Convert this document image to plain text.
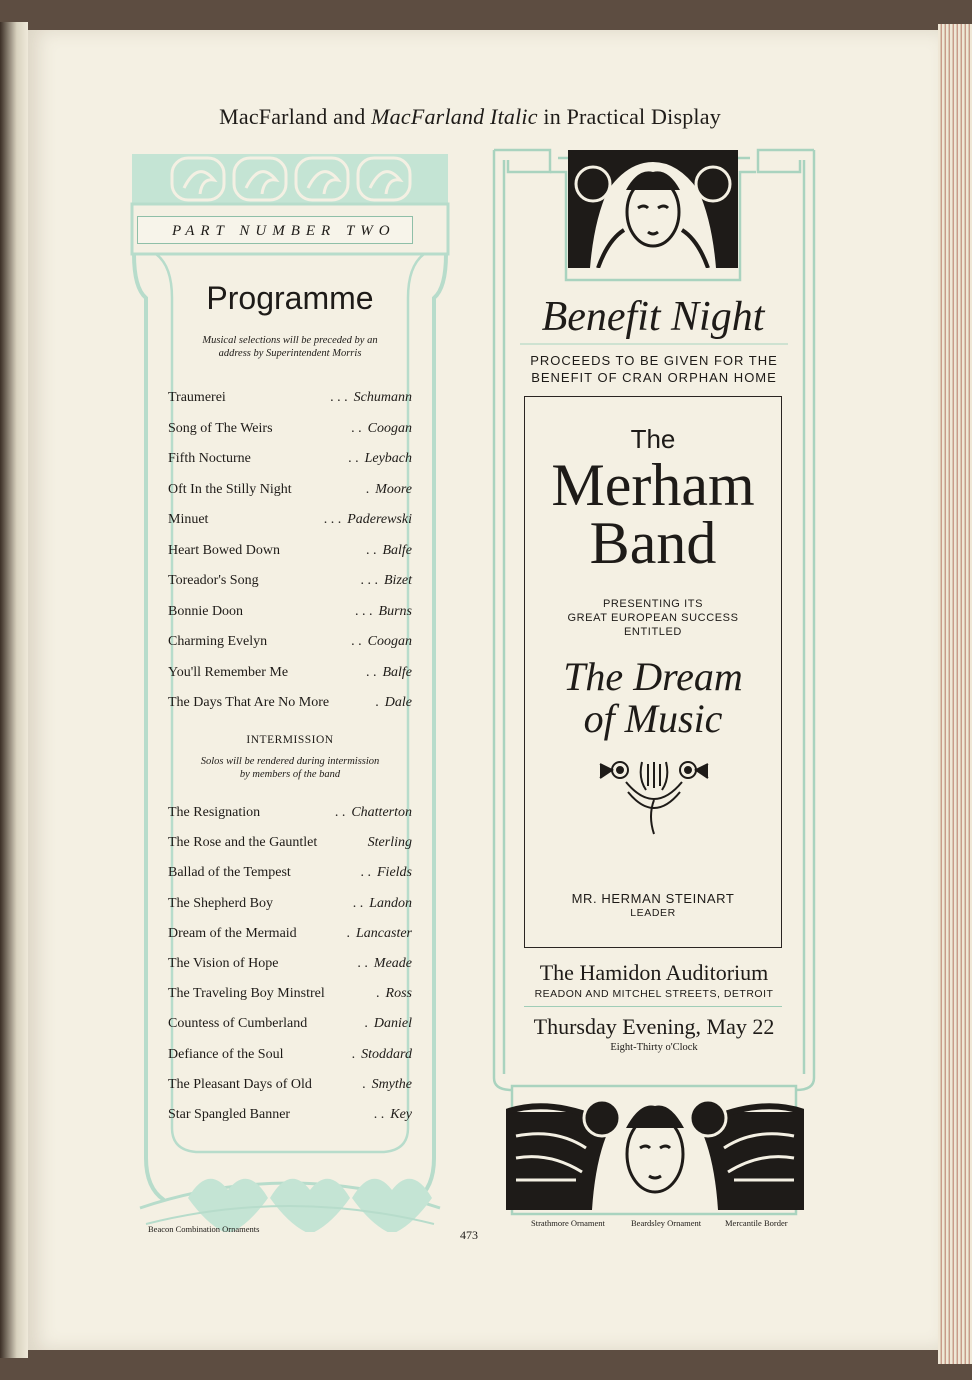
MacFarland and MacFarland Italic in Practical Display
PART NUMBER TWO
Programme
Musical selections will be preceded by an
address by Superintendent Morris
Traumerei	. . . Schumann
Song of The Weirs	. . Coogan
Fifth Nocturne	. . Leybach
Oft In the Stilly Night	. Moore
Minuet	. . . Paderewski
Heart Bowed Down	. . Balfe
Toreador's Song	. . . Bizet
Bonnie Doon	. . . Burns
Charming Evelyn	. . Coogan
You'll Remember Me	. . Balfe
The Days That Are No More	. Dale
INTERMISSION
Solos will be rendered during intermission
by members of the band
The Resignation	. . Chatterton
The Rose and the Gauntlet	Sterling
Ballad of the Tempest	. . Fields
The Shepherd Boy	. . Landon
Dream of the Mermaid	. Lancaster
The Vision of Hope	. . Meade
The Traveling Boy Minstrel	. Ross
Countess of Cumberland	. Daniel
Defiance of the Soul	. Stoddard
The Pleasant Days of Old	. Smythe
Star Spangled Banner	. . Key
Beacon Combination Ornaments	473
Benefit Night
PROCEEDS TO BE GIVEN FOR THE
BENEFIT OF CRAN ORPHAN HOME
The
Merham
Band
PRESENTING ITS
GREAT EUROPEAN SUCCESS
ENTITLED
The Dream
of Music
MR. HERMAN STEINART
LEADER
The Hamidon Auditorium
READON AND MITCHEL STREETS, DETROIT
Thursday Evening, May 22
Eight-Thirty o'Clock
Strathmore Ornament	Beardsley Ornament	Mercantile Border
